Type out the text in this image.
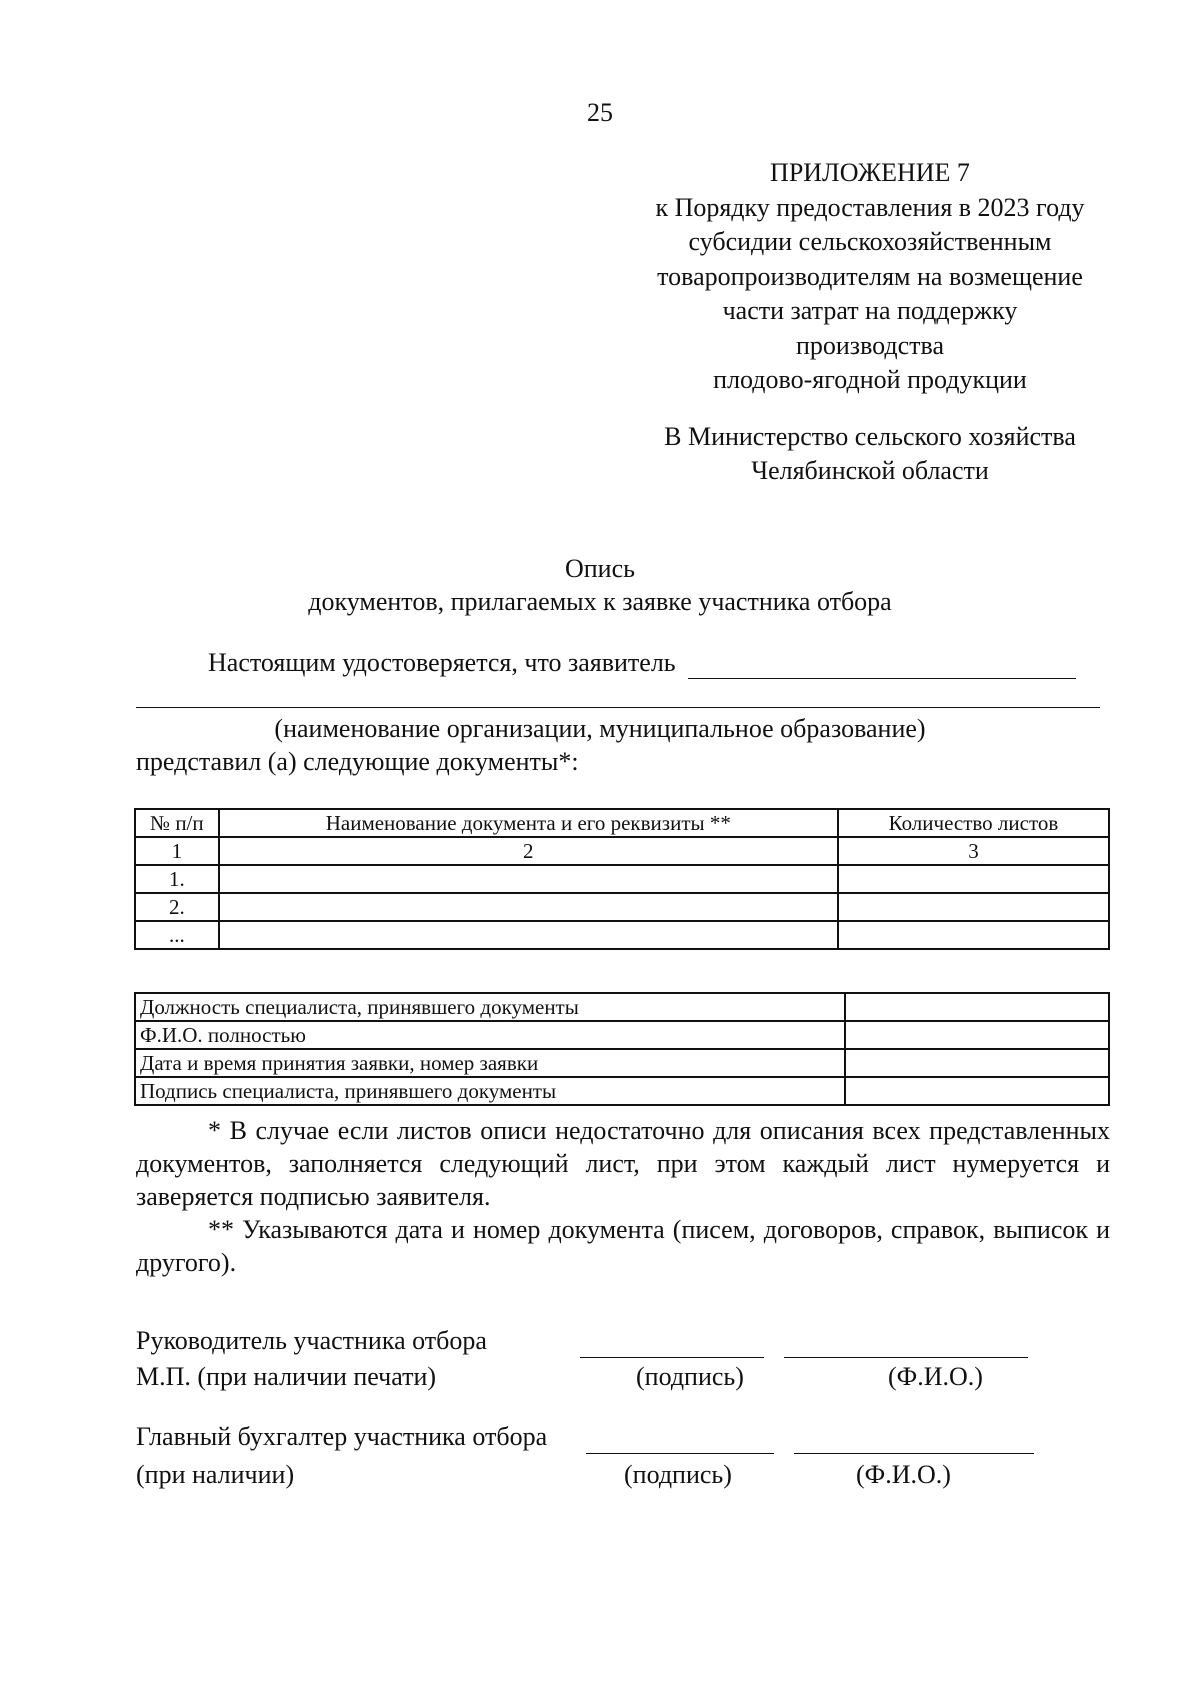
25
ПРИЛОЖЕНИЕ 7
к Порядку предоставления в 2023 году
субсидии сельскохозяйственным
товаропроизводителям на возмещение
части затрат на поддержку
производства
плодово-ягодной продукции
В Министерство сельского хозяйства
Челябинской области
Опись
документов, прилагаемых к заявке участника отбора
Настоящим удостоверяется, что заявитель
(наименование организации, муниципальное образование)
представил (а) следующие документы*:
№ п/п	Наименование документа и его реквизиты **	Количество листов
1	2	3
1.		
2.		
...		
Должность специалиста, принявшего документы	
Ф.И.О. полностью	
Дата и время принятия заявки, номер заявки	
Подпись специалиста, принявшего документы	

* В случае если листов описи недостаточно для описания всех представленных документов, заполняется следующий лист, при этом каждый лист нумеруется и заверяется подписью заявителя.

** Указываются дата и номер документа (писем, договоров, справок, выписок и другого).

Руководитель участника отбора
М.П. (при наличии печати)	(подпись)	(Ф.И.О.)
Главный бухгалтер участника отбора
(при наличии)	(подпись)	(Ф.И.О.)
